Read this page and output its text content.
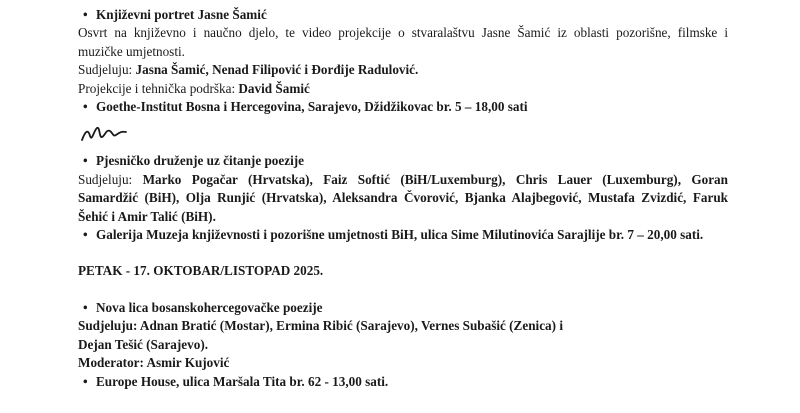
• Književni portret Jasne Šamić
Osvrt na književno i naučno djelo, te video projekcije o stvaralaštvu Jasne Šamić iz oblasti pozorišne, filmske i
muzičke umjetnosti.
Sudjeluju: Jasna Šamić, Nenad Filipović i Đorđije Radulović.
Projekcije i tehnička podrška: David Šamić
• Goethe-Institut Bosna i Hercegovina, Sarajevo, Džidžikovac br. 5 – 18,00 sati
• Pjesničko druženje uz čitanje poezije
Sudjeluju: Marko Pogačar (Hrvatska), Faiz Softić (BiH/Luxemburg), Chris Lauer (Luxemburg), Goran
Samardžić (BiH), Olja Runjić (Hrvatska), Aleksandra Čvorović, Bjanka Alajbegović, Mustafa Zvizdić, Faruk
Šehić i Amir Talić (BiH).
• Galerija Muzeja književnosti i pozorišne umjetnosti BiH, ulica Sime Milutinovića Sarajlije br. 7 – 20,00 sati.
PETAK - 17. OKTOBAR/LISTOPAD 2025.
• Nova lica bosanskohercegovačke poezije
Sudjeluju: Adnan Bratić (Mostar), Ermina Ribić (Sarajevo), Vernes Subašić (Zenica) i
Dejan Tešić (Sarajevo).
Moderator: Asmir Kujović
• Europe House, ulica Maršala Tita br. 62 - 13,00 sati.
